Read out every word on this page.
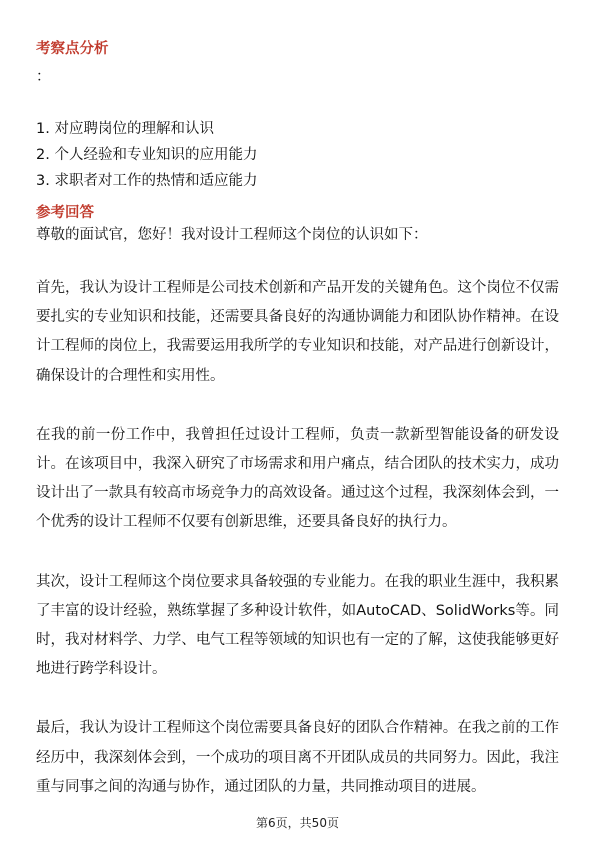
考察点分析

：

1. 对应聘岗位的理解和认识
2. 个人经验和专业知识的应用能力
3. 求职者对工作的热情和适应能力

参考回答

尊敬的面试官，您好！我对设计工程师这个岗位的认识如下：

首先，我认为设计工程师是公司技术创新和产品开发的关键角色。这个岗位不仅需要扎实的专业知识和技能，还需要具备良好的沟通协调能力和团队协作精神。在设计工程师的岗位上，我需要运用我所学的专业知识和技能，对产品进行创新设计，确保设计的合理性和实用性。

在我的前一份工作中，我曾担任过设计工程师，负责一款新型智能设备的研发设计。在该项目中，我深入研究了市场需求和用户痛点，结合团队的技术实力，成功设计出了一款具有较高市场竞争力的高效设备。通过这个过程，我深刻体会到，一个优秀的设计工程师不仅要有创新思维，还要具备良好的执行力。

其次，设计工程师这个岗位要求具备较强的专业能力。在我的职业生涯中，我积累了丰富的设计经验，熟练掌握了多种设计软件，如AutoCAD、SolidWorks等。同时，我对材料学、力学、电气工程等领域的知识也有一定的了解，这使我能够更好地进行跨学科设计。

最后，我认为设计工程师这个岗位需要具备良好的团队合作精神。在我之前的工作经历中，我深刻体会到，一个成功的项目离不开团队成员的共同努力。因此，我注重与同事之间的沟通与协作，通过团队的力量，共同推动项目的进展。

第6页，共50页
